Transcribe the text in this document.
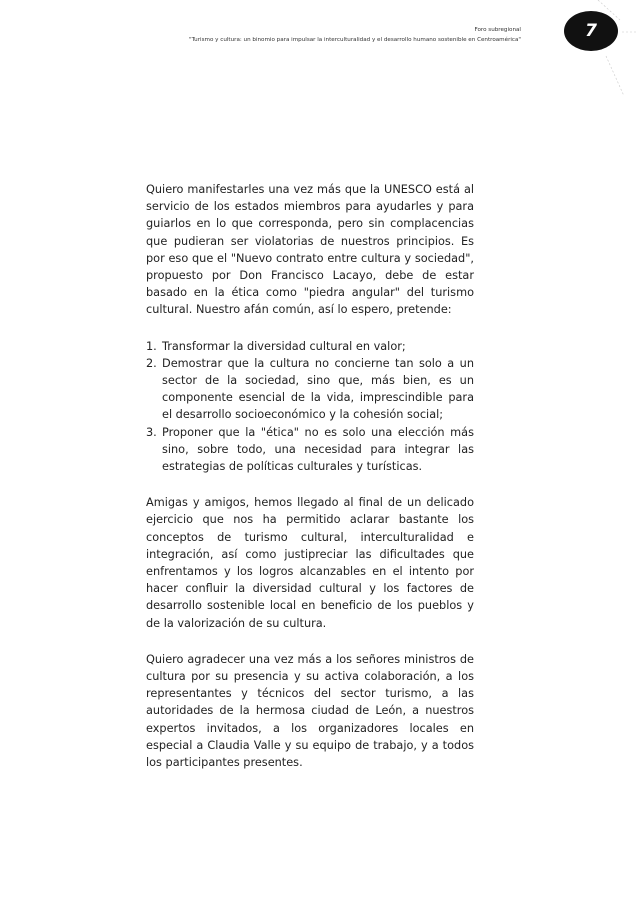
Foro subregional
"Turismo y cultura: un binomio para impulsar la interculturalidad y el desarrollo humano sostenible en Centroamérica"	7

Quiero manifestarles una vez más que la UNESCO está al servicio de los estados miembros para ayudarles y para guiarlos en lo que corresponda, pero sin complacencias que pudieran ser violatorias de nuestros principios. Es por eso que el "Nuevo contrato entre cultura y sociedad", propuesto por Don Francisco Lacayo, debe de estar basado en la ética como "piedra angular" del turismo cultural. Nuestro afán común, así lo espero, pretende:

1. Transformar la diversidad cultural en valor;
2. Demostrar que la cultura no concierne tan solo a un sector de la sociedad, sino que, más bien, es un componente esencial de la vida, imprescindible para el desarrollo socioeconómico y la cohesión social;
3. Proponer que la "ética" no es solo una elección más sino, sobre todo, una necesidad para integrar las estrategias de políticas culturales y turísticas.

Amigas y amigos, hemos llegado al final de un delicado ejercicio que nos ha permitido aclarar bastante los conceptos de turismo cultural, interculturalidad e integración, así como justipreciar las dificultades que enfrentamos y los logros alcanzables en el intento por hacer confluir la diversidad cultural y los factores de desarrollo sostenible local en beneficio de los pueblos y de la valorización de su cultura.

Quiero agradecer una vez más a los señores ministros de cultura por su presencia y su activa colaboración, a los representantes y técnicos del sector turismo, a las autoridades de la hermosa ciudad de León, a nuestros expertos invitados, a los organizadores locales en especial a Claudia Valle y su equipo de trabajo, y a todos los participantes presentes.
